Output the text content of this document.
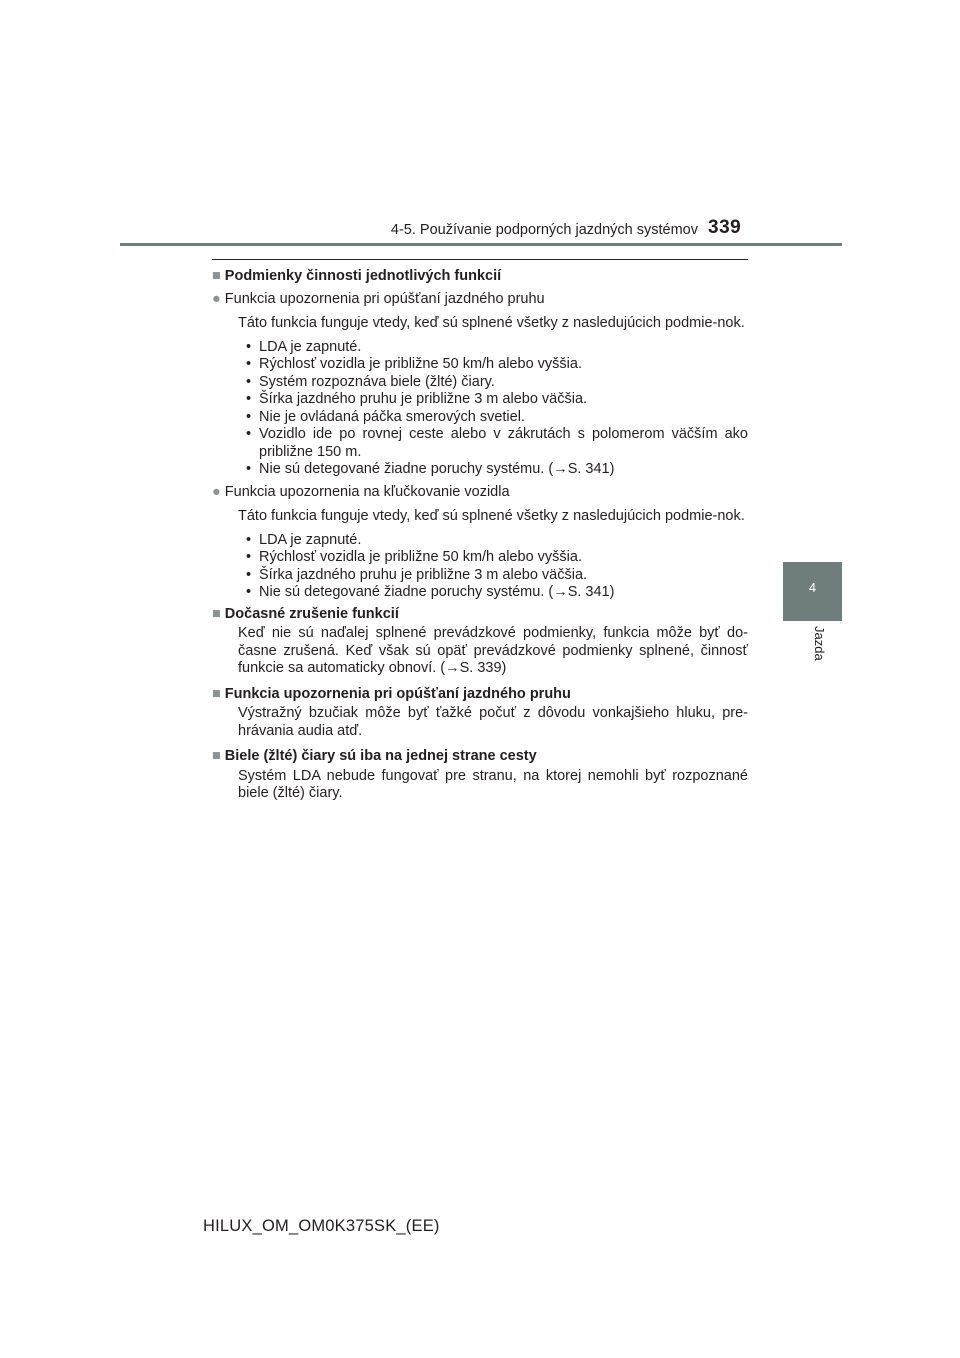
4-5. Používanie podporných jazdných systémov 339
4
Jazda
■ Podmienky činnosti jednotlivých funkcií
● Funkcia upozornenia pri opúšťaní jazdného pruhu
Táto funkcia funguje vtedy, keď sú splnené všetky z nasledujúcich podmie-nok.
• LDA je zapnuté.
• Rýchlosť vozidla je približne 50 km/h alebo vyššia.
• Systém rozpoznáva biele (žlté) čiary.
• Šírka jazdného pruhu je približne 3 m alebo väčšia.
• Nie je ovládaná páčka smerových svetiel.
• Vozidlo ide po rovnej ceste alebo v zákrutách s polomerom väčším ako približne 150 m.
• Nie sú detegované žiadne poruchy systému. (→S. 341)
● Funkcia upozornenia na kľučkovanie vozidla
Táto funkcia funguje vtedy, keď sú splnené všetky z nasledujúcich podmie-nok.
• LDA je zapnuté.
• Rýchlosť vozidla je približne 50 km/h alebo vyššia.
• Šírka jazdného pruhu je približne 3 m alebo väčšia.
• Nie sú detegované žiadne poruchy systému. (→S. 341)
■ Dočasné zrušenie funkcií
Keď nie sú naďalej splnené prevádzkové podmienky, funkcia môže byť do-časne zrušená. Keď však sú opäť prevádzkové podmienky splnené, činnosť funkcie sa automaticky obnoví. (→S. 339)
■ Funkcia upozornenia pri opúšťaní jazdného pruhu
Výstražný bzučiak môže byť ťažké počuť z dôvodu vonkajšieho hluku, pre-hrávania audia atď.
■ Biele (žlté) čiary sú iba na jednej strane cesty
Systém LDA nebude fungovať pre stranu, na ktorej nemohli byť rozpoznané biele (žlté) čiary.
HILUX_OM_OM0K375SK_(EE)
